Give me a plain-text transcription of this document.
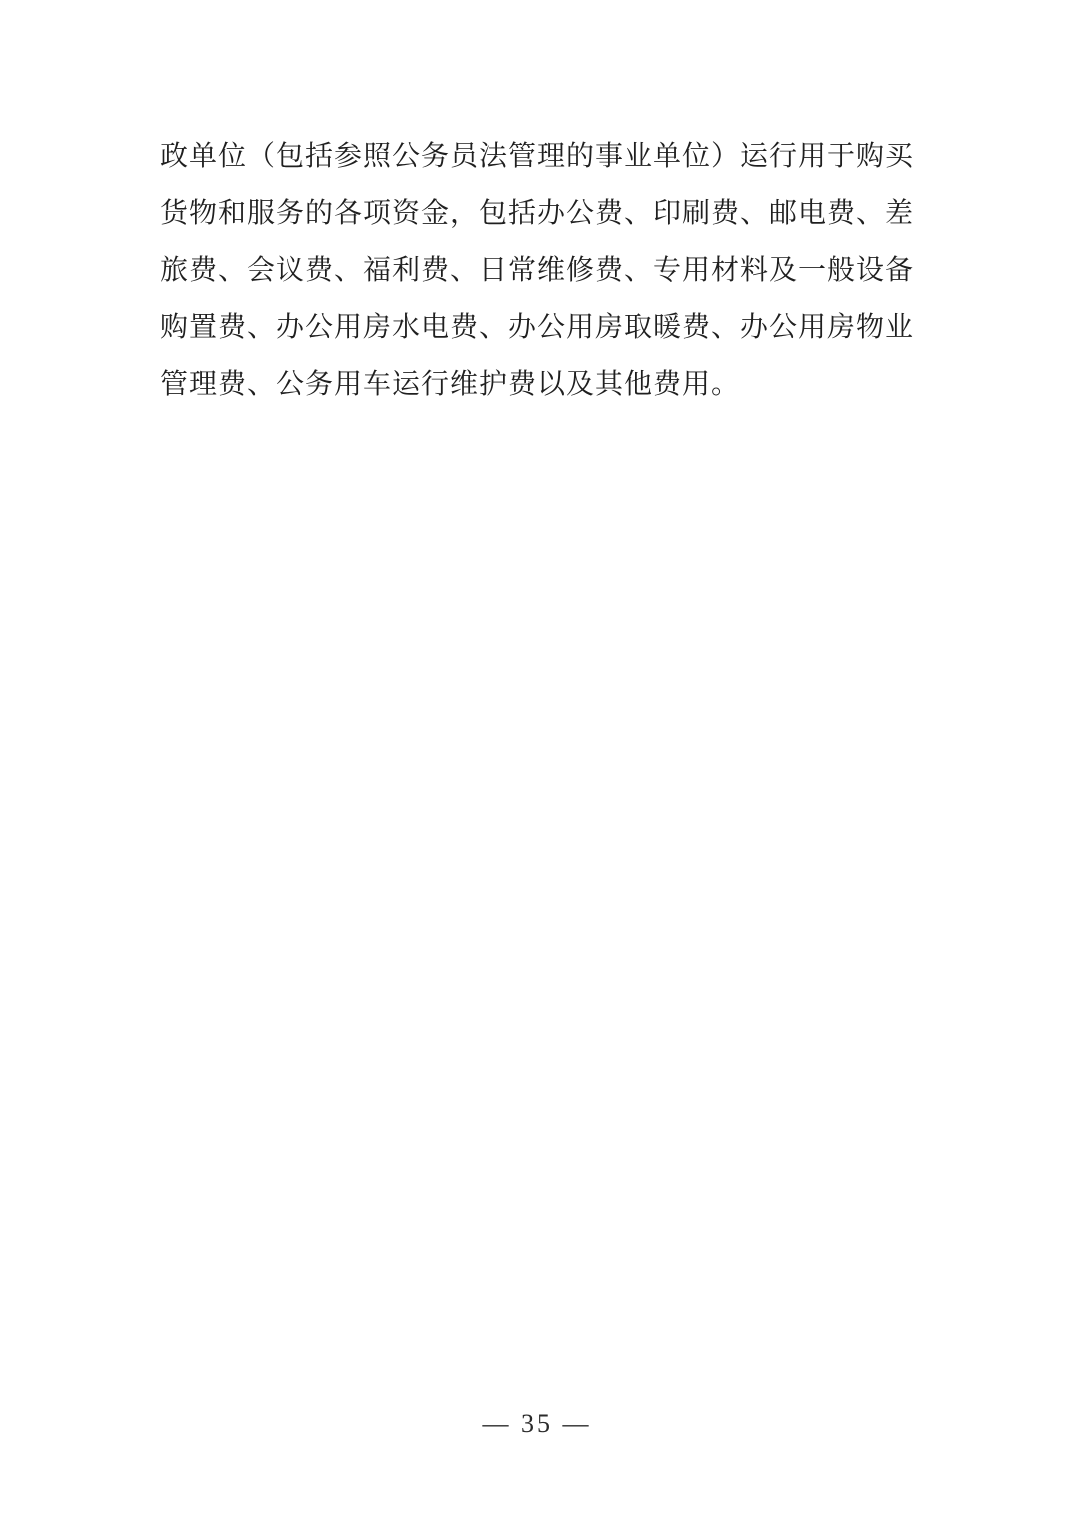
政单位（包括参照公务员法管理的事业单位）运行用于购买
货物和服务的各项资金，包括办公费、印刷费、邮电费、差
旅费、会议费、福利费、日常维修费、专用材料及一般设备
购置费、办公用房水电费、办公用房取暖费、办公用房物业
管理费、公务用车运行维护费以及其他费用。
— 35 —
